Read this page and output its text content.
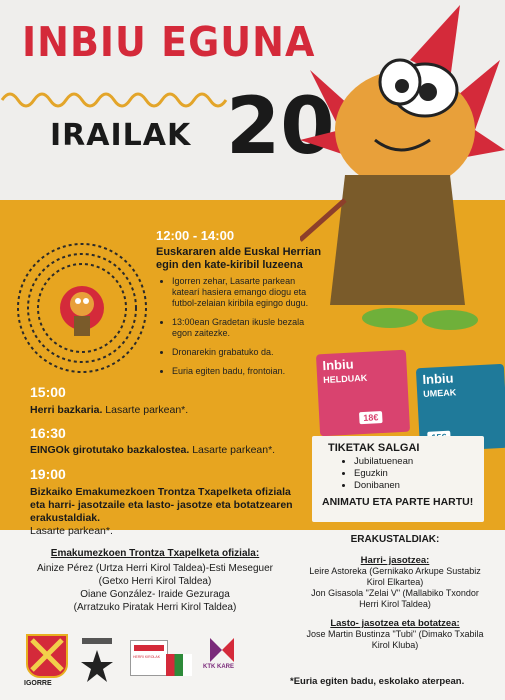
INBIU EGUNA
IRAILAK 20
12:00 - 14:00
Euskararen alde Euskal Herrian egin den kate-kiribil luzeena
• Igorren zehar, Lasarte parkean katearí hasiera emango diogu eta futbol-zelaian kiribila egingo dugu.
• 13:00ean Gradetan ikusle bezala egon zaitezke.
• Dronarekin grabatuko da.
• Euria egiten badu, frontoian.
15:00
Herri bazkaria. Lasarte parkean*.
16:30
EINGOk girotutako bazkalostea. Lasarte parkean*.
19:00
Bizkaiko Emakumezkoen Trontza Txapelketa ofiziala eta harri- jasotzaile eta lasto- jasotze eta botatzearen erakustaldiak.
Lasarte parkean*.
Inbiu
HELDUAK
18€
Inbiu
UMEAK
TIKETAK SALGAI
• Jubilatuenean
• Eguzkin
• Donibanen
ANIMATU ETA PARTE HARTU!
Emakumezkoen Trontza Txapelketa ofiziala:
Ainize Pérez (Urtza Herri Kirol Taldea)-Esti Meseguer
(Getxo Herri Kirol Taldea)
Oiane González- Iraide Gezuraga
(Arratzuko Piratak Herri Kirol Taldea)
ERAKUSTALDIAK:
Harri- jasotzea:
Leire Astoreka (Gernikako Arkupe Sustabiz
Kirol Elkartea)
Jon Gisasola "Zelai V" (Mallabiko Txondor
Herri Kirol Taldea)
Lasto- jasotzea eta botatzea:
Jose Martin Bustinza "Tubi" (Dimako Txabila
Kirol Kluba)
IGORRE
HERRI KIROLAK
KTK KARE
*Euria egiten badu, eskolako aterpean.
